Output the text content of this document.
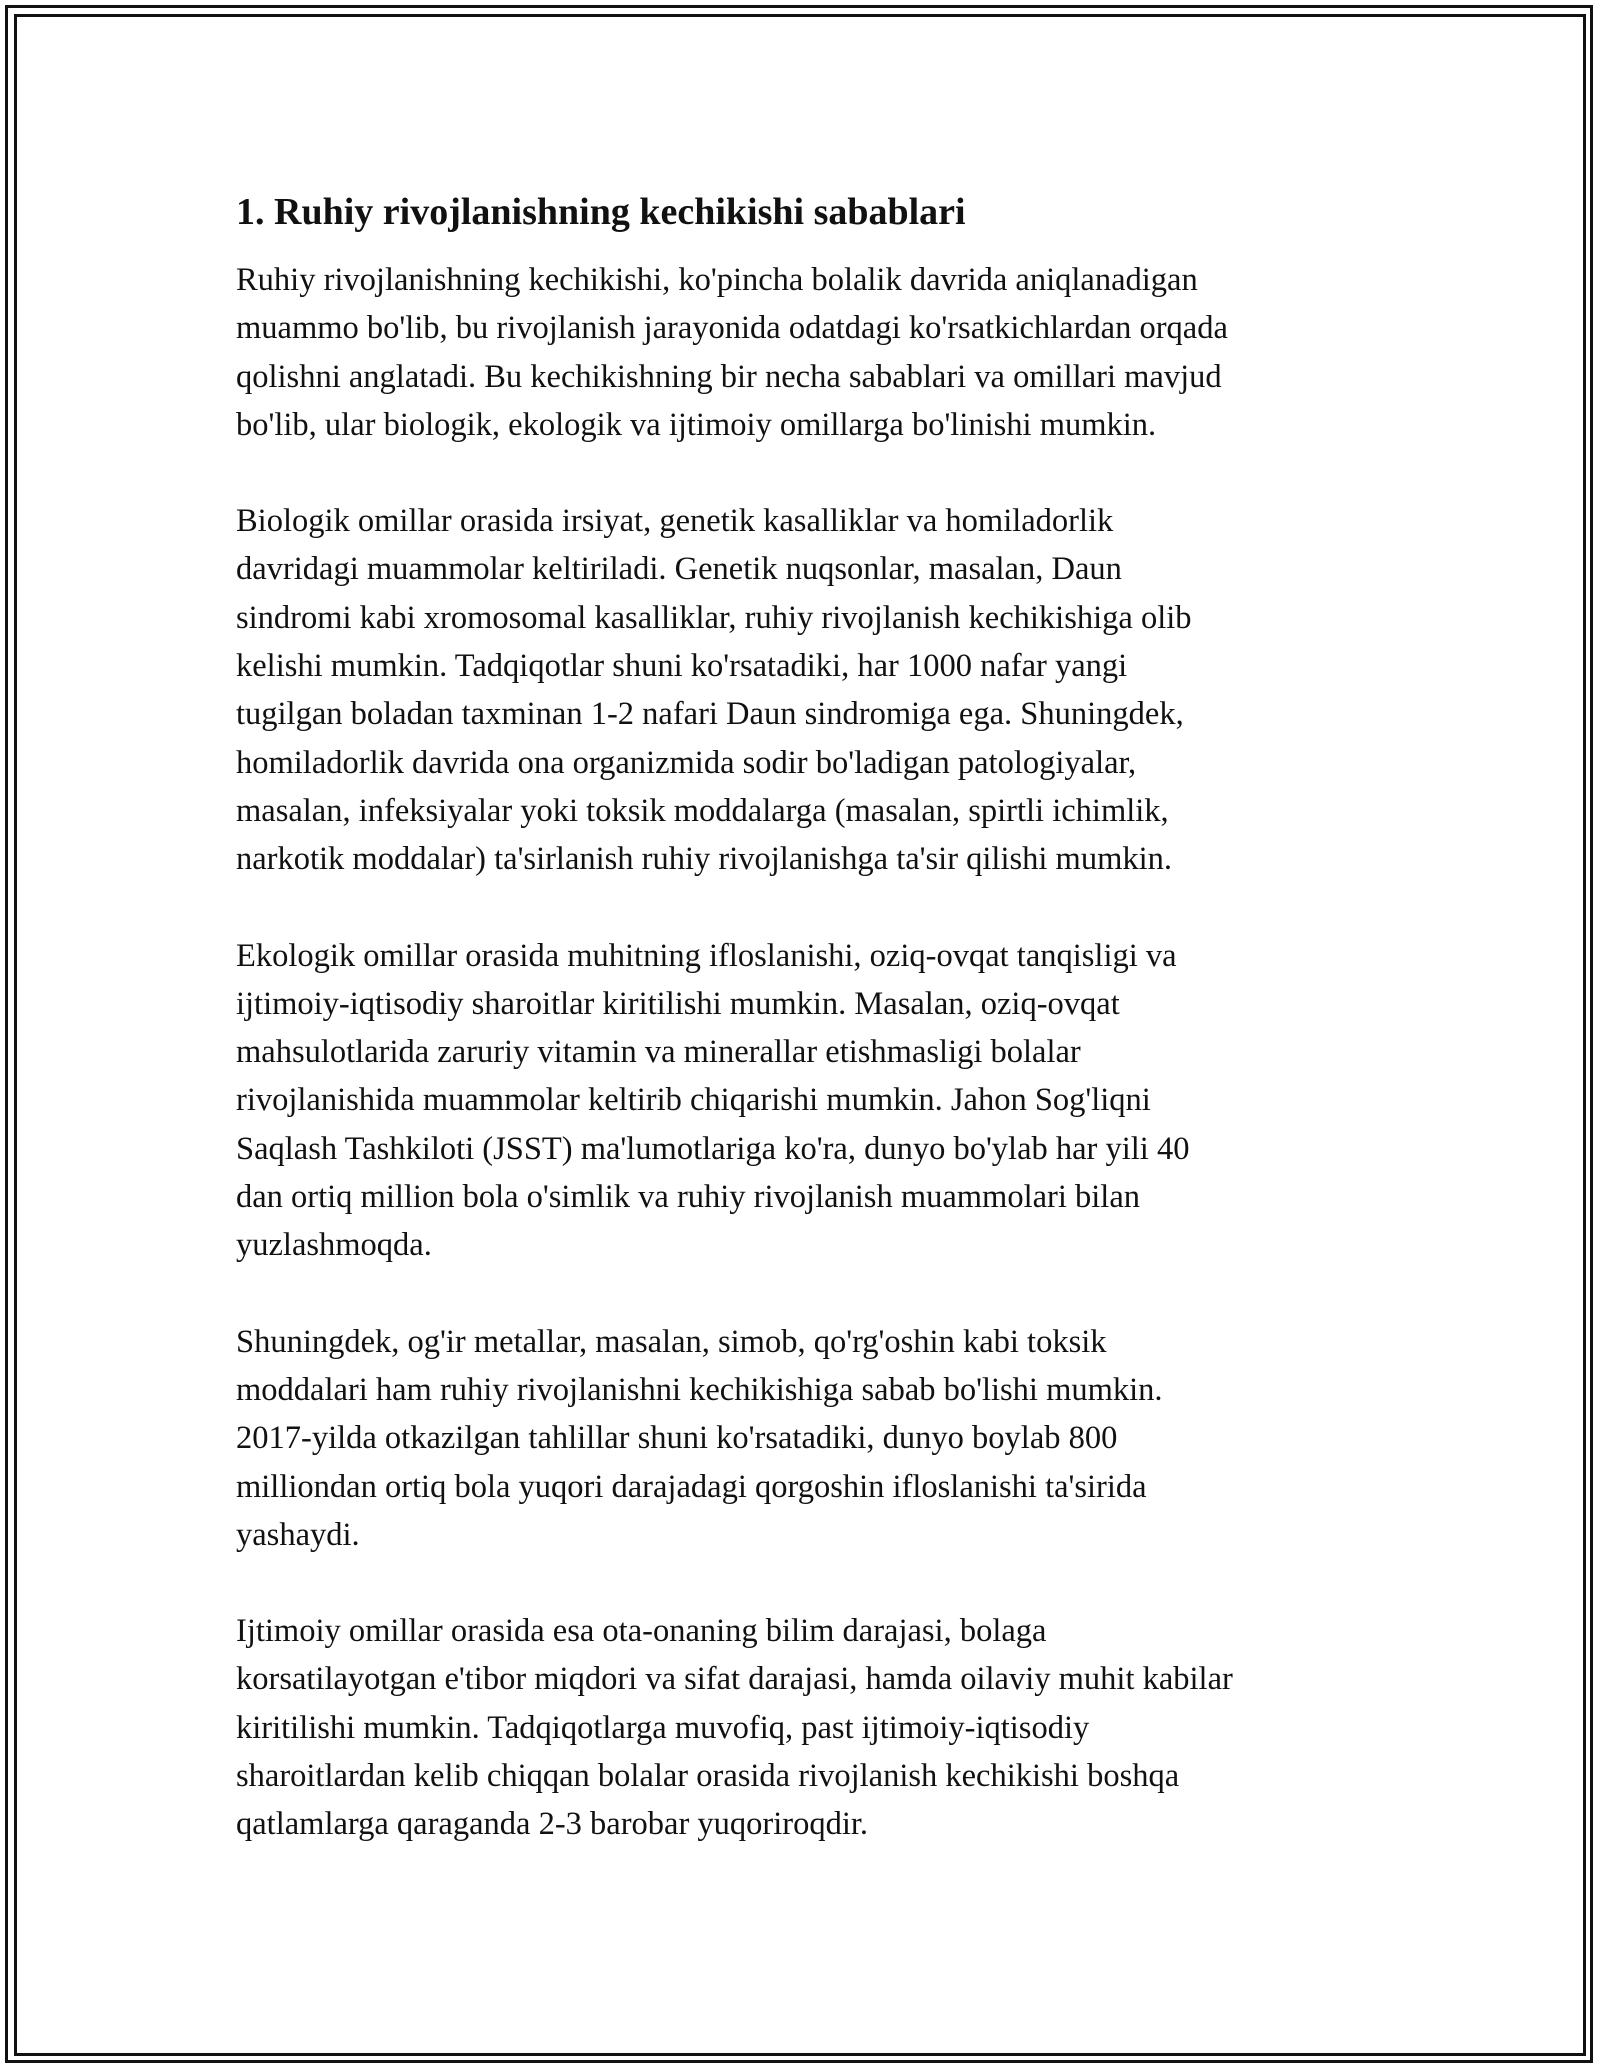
1. Ruhiy rivojlanishning kechikishi sabablari
Ruhiy rivojlanishning kechikishi, ko'pincha bolalik davrida aniqlanadigan
muammo bo'lib, bu rivojlanish jarayonida odatdagi ko'rsatkichlardan orqada
qolishni anglatadi. Bu kechikishning bir necha sabablari va omillari mavjud
bo'lib, ular biologik, ekologik va ijtimoiy omillarga bo'linishi mumkin.
Biologik omillar orasida irsiyat, genetik kasalliklar va homiladorlik
davridagi muammolar keltiriladi. Genetik nuqsonlar, masalan, Daun
sindromi kabi xromosomal kasalliklar, ruhiy rivojlanish kechikishiga olib
kelishi mumkin. Tadqiqotlar shuni ko'rsatadiki, har 1000 nafar yangi
tugilgan boladan taxminan 1-2 nafari Daun sindromiga ega. Shuningdek,
homiladorlik davrida ona organizmida sodir bo'ladigan patologiyalar,
masalan, infeksiyalar yoki toksik moddalarga (masalan, spirtli ichimlik,
narkotik moddalar) ta'sirlanish ruhiy rivojlanishga ta'sir qilishi mumkin.
Ekologik omillar orasida muhitning ifloslanishi, oziq-ovqat tanqisligi va
ijtimoiy-iqtisodiy sharoitlar kiritilishi mumkin. Masalan, oziq-ovqat
mahsulotlarida zaruriy vitamin va minerallar etishmasligi bolalar
rivojlanishida muammolar keltirib chiqarishi mumkin. Jahon Sog'liqni
Saqlash Tashkiloti (JSST) ma'lumotlariga ko'ra, dunyo bo'ylab har yili 40
dan ortiq million bola o'simlik va ruhiy rivojlanish muammolari bilan
yuzlashmoqda.
Shuningdek, og'ir metallar, masalan, simob, qo'rg'oshin kabi toksik
moddalari ham ruhiy rivojlanishni kechikishiga sabab bo'lishi mumkin.
2017-yilda otkazilgan tahlillar shuni ko'rsatadiki, dunyo boylab 800
milliondan ortiq bola yuqori darajadagi qorgoshin ifloslanishi ta'sirida
yashaydi.
Ijtimoiy omillar orasida esa ota-onaning bilim darajasi, bolaga
korsatilayotgan e'tibor miqdori va sifat darajasi, hamda oilaviy muhit kabilar
kiritilishi mumkin. Tadqiqotlarga muvofiq, past ijtimoiy-iqtisodiy
sharoitlardan kelib chiqqan bolalar orasida rivojlanish kechikishi boshqa
qatlamlarga qaraganda 2-3 barobar yuqoriroqdir.
